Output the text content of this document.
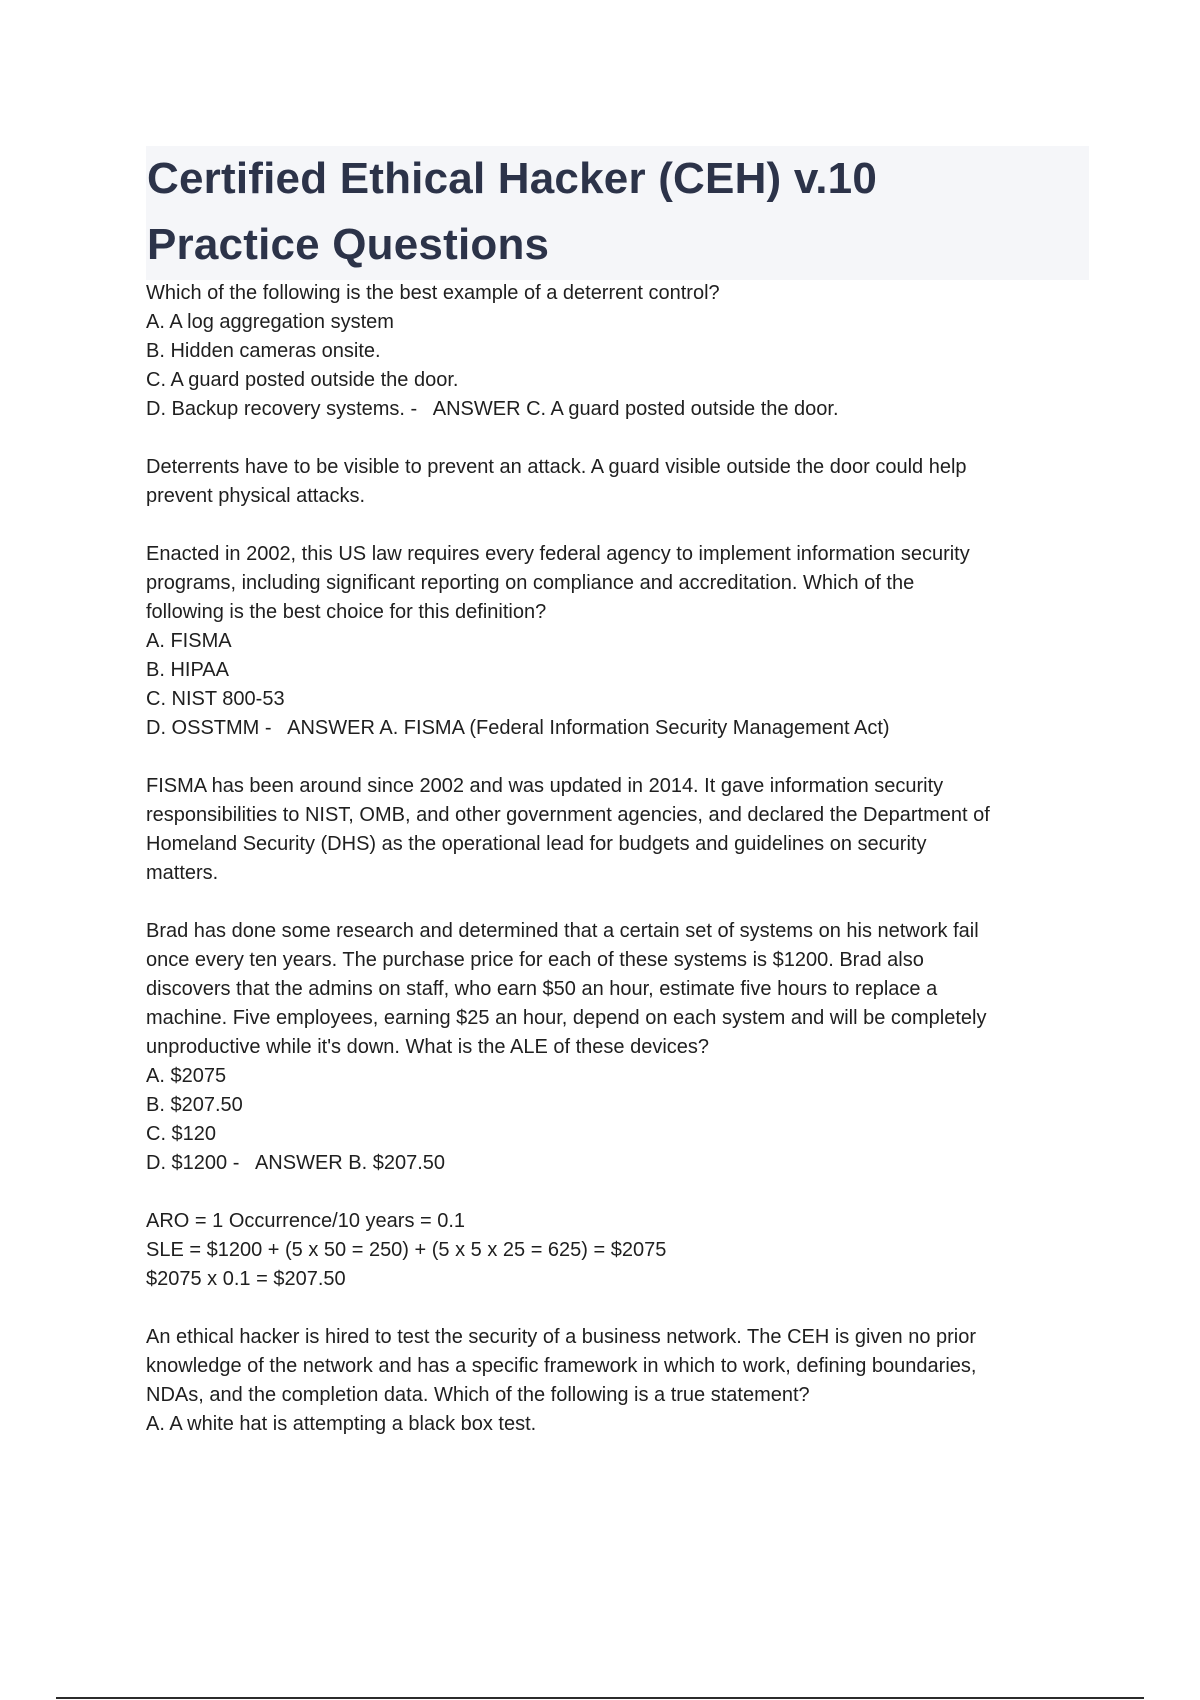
Certified Ethical Hacker (CEH) v.10
Practice Questions
Which of the following is the best example of a deterrent control?
A. A log aggregation system
B. Hidden cameras onsite.
C. A guard posted outside the door.
D. Backup recovery systems. -   ANSWER C. A guard posted outside the door.
Deterrents have to be visible to prevent an attack. A guard visible outside the door could help
prevent physical attacks.
Enacted in 2002, this US law requires every federal agency to implement information security
programs, including significant reporting on compliance and accreditation. Which of the
following is the best choice for this definition?
A. FISMA
B. HIPAA
C. NIST 800-53
D. OSSTMM -   ANSWER A. FISMA (Federal Information Security Management Act)
FISMA has been around since 2002 and was updated in 2014. It gave information security
responsibilities to NIST, OMB, and other government agencies, and declared the Department of
Homeland Security (DHS) as the operational lead for budgets and guidelines on security
matters.
Brad has done some research and determined that a certain set of systems on his network fail
once every ten years. The purchase price for each of these systems is $1200. Brad also
discovers that the admins on staff, who earn $50 an hour, estimate five hours to replace a
machine. Five employees, earning $25 an hour, depend on each system and will be completely
unproductive while it's down. What is the ALE of these devices?
A. $2075
B. $207.50
C. $120
D. $1200 -   ANSWER B. $207.50
ARO = 1 Occurrence/10 years = 0.1
SLE = $1200 + (5 x 50 = 250) + (5 x 5 x 25 = 625) = $2075
$2075 x 0.1 = $207.50
An ethical hacker is hired to test the security of a business network. The CEH is given no prior
knowledge of the network and has a specific framework in which to work, defining boundaries,
NDAs, and the completion data. Which of the following is a true statement?
A. A white hat is attempting a black box test.
